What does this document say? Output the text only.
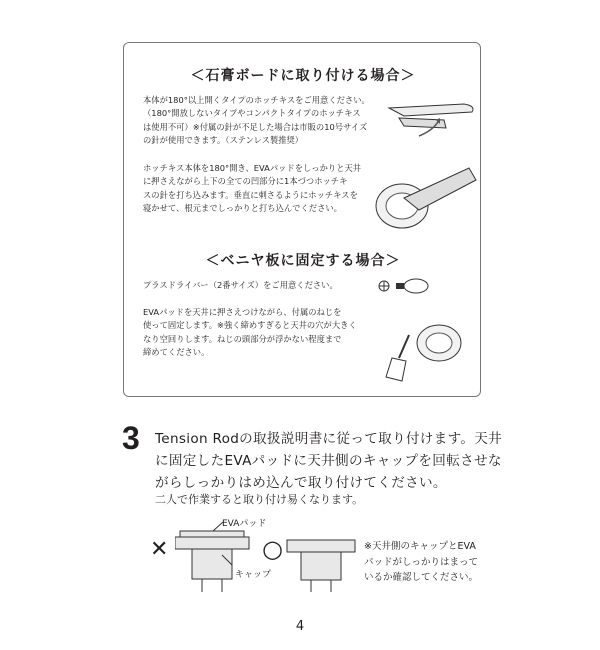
＜石膏ボードに取り付ける場合＞
本体が180°以上開くタイプのホッチキスをご用意ください。
（180°開放しないタイプやコンパクトタイプのホッチキス
は使用不可）※付属の針が不足した場合は市販の10号サイズ
の針が使用できます。（ステンレス製推奨）
ホッチキス本体を180°開き、EVAパッドをしっかりと天井
に押さえながら上下の全ての凹部分に1本づつホッチキ
スの針を打ち込みます。垂直に刺さるようにホッチキスを
寝かせて、根元までしっかりと打ち込んでください。
＜ベニヤ板に固定する場合＞
プラスドライバー（2番サイズ）をご用意ください。
EVAパッドを天井に押さえつけながら、付属のねじを
使って固定します。※強く締めすぎると天井の穴が大きく
なり空回りします。ねじの頭部分が浮かない程度まで
締めてください。
3 Tension Rodの取扱説明書に従って取り付けます。天井
に固定したEVAパッドに天井側のキャップを回転させな
がらしっかりはめ込んで取り付けてください。
二人で作業すると取り付け易くなります。
✕
EVAパッド
キャップ
○	※天井側のキャップとEVA
パッドがしっかりはまって
いるか確認してください。
4
